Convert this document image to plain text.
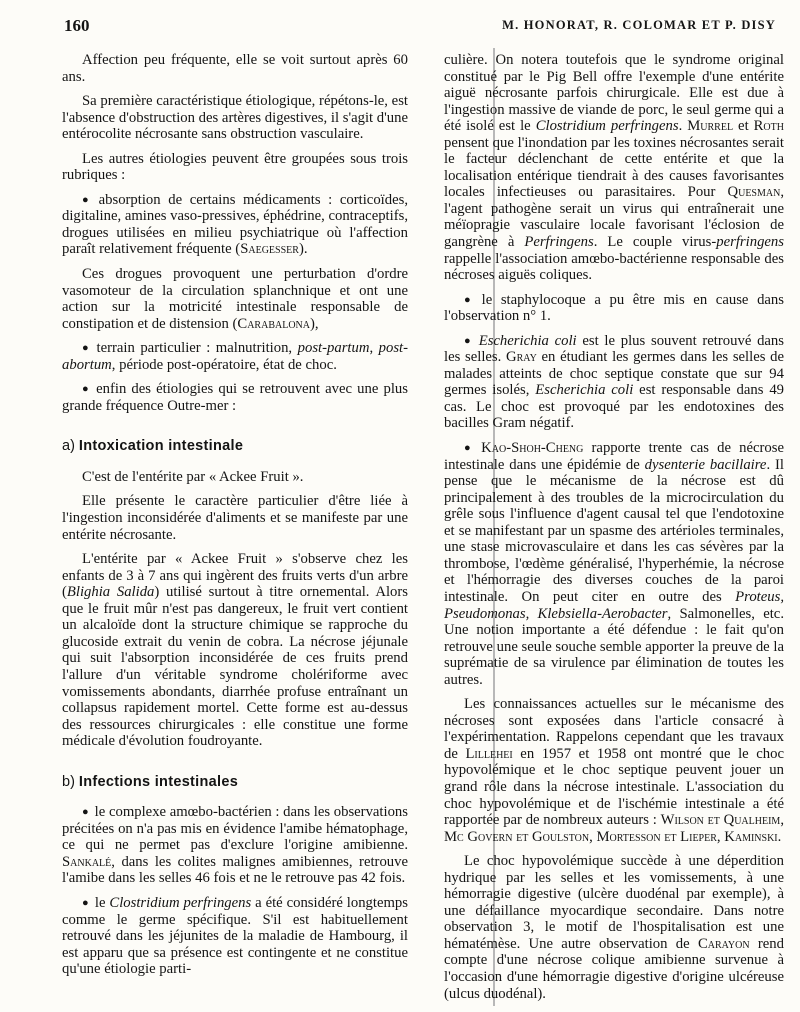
160	M. HONORAT, R. COLOMAR ET P. DISY

Affection peu fréquente, elle se voit surtout après 60 ans.

Sa première caractéristique étiologique, répétons-le, est l'absence d'obstruction des artères digestives, il s'agit d'une entérocolite nécrosante sans obstruction vasculaire.

Les autres étiologies peuvent être groupées sous trois rubriques :

● absorption de certains médicaments : corticoïdes, digitaline, amines vaso-pressives, éphédrine, contraceptifs, drogues utilisées en milieu psychiatrique où l'affection paraît relativement fréquente (Saegesser).

Ces drogues provoquent une perturbation d'ordre vasomoteur de la circulation splanchnique et ont une action sur la motricité intestinale responsable de constipation et de distension (Carabalona),

● terrain particulier : malnutrition, post-partum, post-abortum, période post-opératoire, état de choc.

● enfin des étiologies qui se retrouvent avec une plus grande fréquence Outre-mer :

a) Intoxication intestinale

C'est de l'entérite par « Ackee Fruit ».

Elle présente le caractère particulier d'être liée à l'ingestion inconsidérée d'aliments et se manifeste par une entérite nécrosante.

L'entérite par « Ackee Fruit » s'observe chez les enfants de 3 à 7 ans qui ingèrent des fruits verts d'un arbre (Blighia Salida) utilisé surtout à titre ornemental. Alors que le fruit mûr n'est pas dangereux, le fruit vert contient un alcaloïde dont la structure chimique se rapproche du glucoside extrait du venin de cobra. La nécrose jéjunale qui suit l'absorption inconsidérée de ces fruits prend l'allure d'un véritable syndrome cholériforme avec vomissements abondants, diarrhée profuse entraînant un collapsus rapidement mortel. Cette forme est au-dessus des ressources chirurgicales : elle constitue une forme médicale d'évolution foudroyante.

b) Infections intestinales

● le complexe amœbo-bactérien : dans les observations précitées on n'a pas mis en évidence l'amibe hématophage, ce qui ne permet pas d'exclure l'origine amibienne. Sankalé, dans les colites malignes amibiennes, retrouve l'amibe dans les selles 46 fois et ne le retrouve pas 42 fois.

● le Clostridium perfringens a été considéré longtemps comme le germe spécifique. S'il est habituellement retrouvé dans les jéjunites de la maladie de Hambourg, il est apparu que sa présence est contingente et ne constitue qu'une étiologie parti-

culière. On notera toutefois que le syndrome original constitué par le Pig Bell offre l'exemple d'une entérite aiguë nécrosante parfois chirurgicale. Elle est due à l'ingestion massive de viande de porc, le seul germe qui a été isolé est le Clostridium perfringens. Murrel et Roth pensent que l'inondation par les toxines nécrosantes serait le facteur déclenchant de cette entérite et que la localisation entérique tiendrait à des causes favorisantes locales infectieuses ou parasitaires. Pour Quesman, l'agent pathogène serait un virus qui entraînerait une méïopragie vasculaire locale favorisant l'éclosion de gangrène à Perfringens. Le couple virus-perfringens rappelle l'association amœbo-bactérienne responsable des nécroses aiguës coliques.

● le staphylocoque a pu être mis en cause dans l'observation n° 1.

● Escherichia coli est le plus souvent retrouvé dans les selles. Gray en étudiant les germes dans les selles de malades atteints de choc septique constate que sur 94 germes isolés, Escherichia coli est responsable dans 49 cas. Le choc est provoqué par les endotoxines des bacilles Gram négatif.

● Kao-Shoh-Cheng rapporte trente cas de nécrose intestinale dans une épidémie de dysenterie bacillaire. Il pense que le mécanisme de la nécrose est dû principalement à des troubles de la microcirculation du grêle sous l'influence d'agent causal tel que l'endotoxine et se manifestant par un spasme des artérioles terminales, une stase microvasculaire et dans les cas sévères par la thrombose, l'œdème généralisé, l'hyperhémie, la nécrose et l'hémorragie des diverses couches de la paroi intestinale. On peut citer en outre des Proteus, Pseudomonas, Klebsiella-Aerobacter, Salmonelles, etc. Une notion importante a été défendue : le fait qu'on retrouve une seule souche semble apporter la preuve de la suprématie de sa virulence par élimination de toutes les autres.

Les connaissances actuelles sur le mécanisme des nécroses sont exposées dans l'article consacré à l'expérimentation. Rappelons cependant que les travaux de Lillehei en 1957 et 1958 ont montré que le choc hypovolémique et le choc septique peuvent jouer un grand rôle dans la nécrose intestinale. L'association du choc hypovolémique et de l'ischémie intestinale a été rapportée par de nombreux auteurs : Wilson et Qualheim, Mc Govern et Goulston, Mortesson et Lieper, Kaminski.

Le choc hypovolémique succède à une déperdition hydrique par les selles et les vomissements, à une hémorragie digestive (ulcère duodénal par exemple), à une défaillance myocardique secondaire. Dans notre observation 3, le motif de l'hospitalisation est une hématémèse. Une autre observation de Carayon rend compte d'une nécrose colique amibienne survenue à l'occasion d'une hémorragie digestive d'origine ulcéreuse (ulcus duodénal).
